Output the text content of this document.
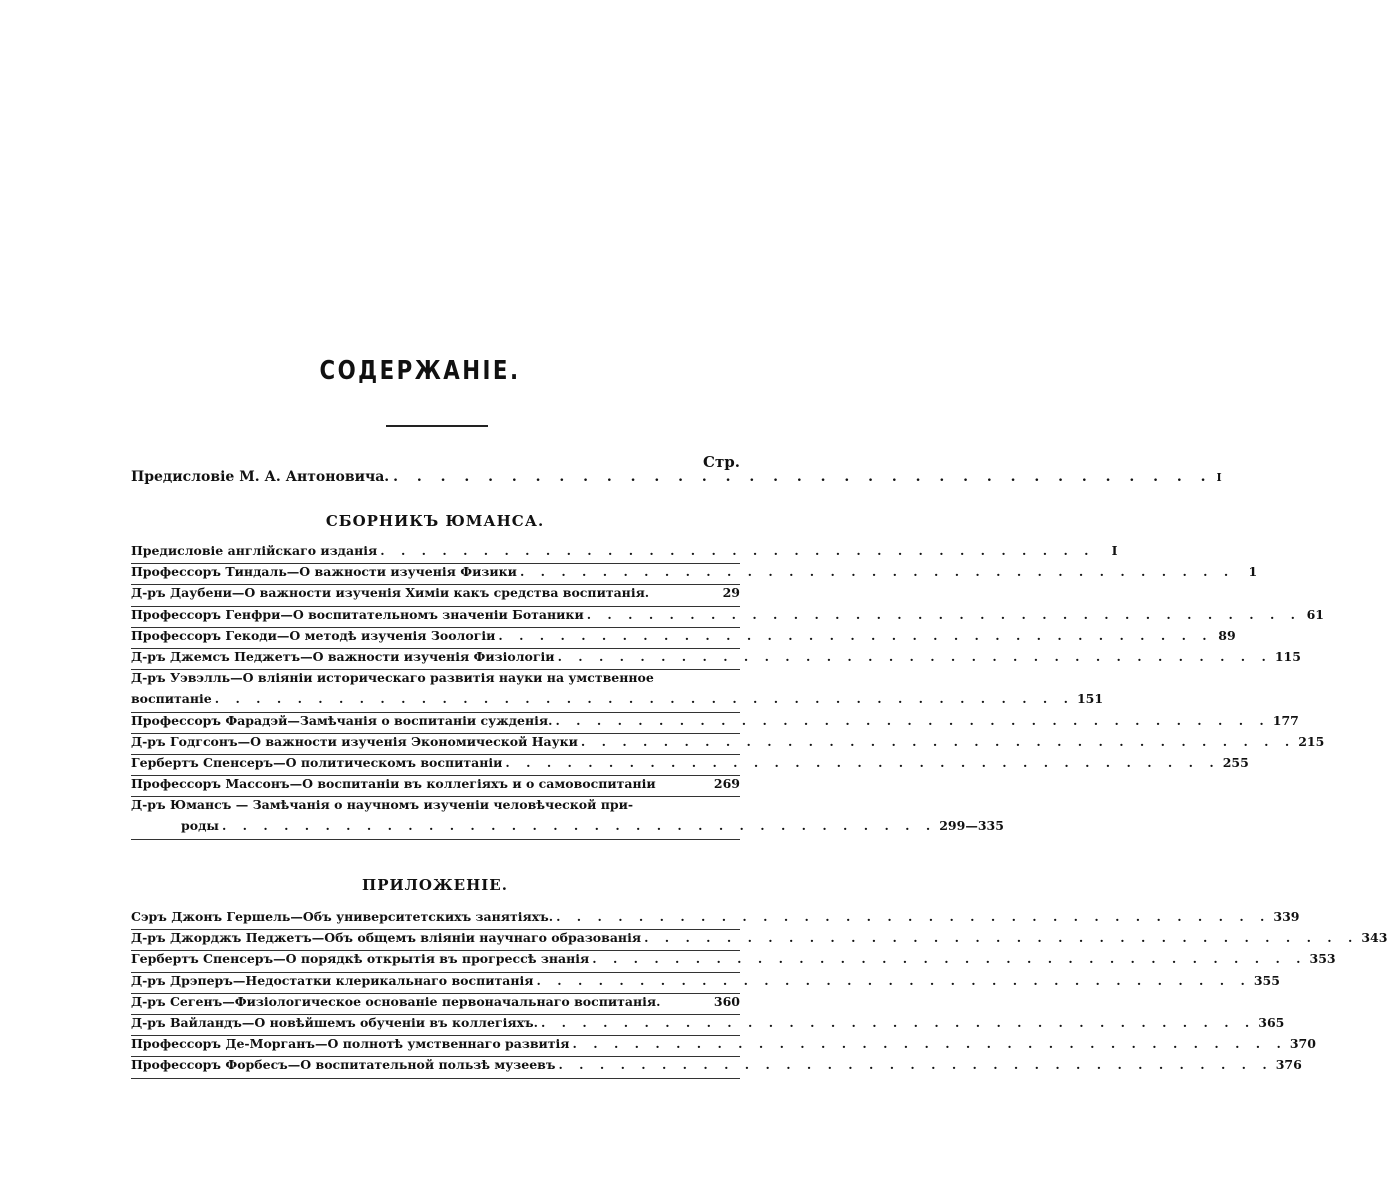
СОДЕРЖАНІЕ.
Стр.
Предисловіе М. А. Антоновича. . . . . . . . . . . . . . . . . . . . . . . . . . . . . . . . . . . . I
СБОРНИКЪ ЮМАНСА.
Предисловіе англійскаго изданія . . . . . . . . . . . . . . . . . . . . . . . . . . . . . . . . . . .	I
Профессоръ Тиндаль—О важности изученія Физики . . . . . . . . . . . . . . . . . . . . . . . . . . . . . . . . . . .	1
Д-ръ Даубени—О важности изученія Химіи какъ средства воспитанія.	29
Профессоръ Генфри—О воспитательномъ значеніи Ботаники . . . . . . . . . . . . . . . . . . . . . . . . . . . . . . . . . . . 61
Профессоръ Гекоди—О методѣ изученія Зоологіи . . . . . . . . . . . . . . . . . . . . . . . . . . . . . . . . . . . 89
Д-ръ Джемсъ Педжетъ—О важности изученія Физіологіи . . . . . . . . . . . . . . . . . . . . . . . . . . . . . . . . . . . 115
Д-ръ Уэвэлль—О вліяніи историческаго развитія науки на умственное
воспитаніе . . . . . . . . . . . . . . . . . . . . . . . . . . . . . . . . . . . . . . . . . . 151
Профессоръ Фарадэй—Замѣчанія о воспитаніи сужденія. . . . . . . . . . . . . . . . . . . . . . . . . . . . . . . . . . . . 177
Д-ръ Годгсонъ—О важности изученія Экономической Науки . . . . . . . . . . . . . . . . . . . . . . . . . . . . . . . . . . . 215
Гербертъ Спенсеръ—О политическомъ воспитаніи . . . . . . . . . . . . . . . . . . . . . . . . . . . . . . . . . . . 255
Профессоръ Массонъ—О воспитаніи въ коллегіяхъ и о самовоспитаніи	269
Д-ръ Юмансъ — Замѣчанія о научномъ изученіи человѣческой при-
роды . . . . . . . . . . . . . . . . . . . . . . . . . . . . . . . . . . . 299—335
ПРИЛОЖЕНІЕ.
Сэръ Джонъ Гершель—Объ университетскихъ занятіяхъ. . . . . . . . . . . . . . . . . . . . . . . . . . . . . . . . . . . . 339
Д-ръ Джорджъ Педжетъ—Объ общемъ вліяніи научнаго образованія . . . . . . . . . . . . . . . . . . . . . . . . . . . . . . . . . . . 343
Гербертъ Спенсеръ—О порядкѣ открытія въ прогрессѣ знанія . . . . . . . . . . . . . . . . . . . . . . . . . . . . . . . . . . . 353
Д-ръ Дрэперъ—Недостатки клерикальнаго воспитанія . . . . . . . . . . . . . . . . . . . . . . . . . . . . . . . . . . . 355
Д-ръ Сегенъ—Физіологическое основаніе первоначальнаго воспитанія.	360
Д-ръ Вайландъ—О новѣйшемъ обученіи въ коллегіяхъ. . . . . . . . . . . . . . . . . . . . . . . . . . . . . . . . . . . . 365
Профессоръ Де-Морганъ—О полнотѣ умственнаго развитія . . . . . . . . . . . . . . . . . . . . . . . . . . . . . . . . . . . 370
Профессоръ Форбесъ—О воспитательной пользѣ музеевъ . . . . . . . . . . . . . . . . . . . . . . . . . . . . . . . . . . . 376
